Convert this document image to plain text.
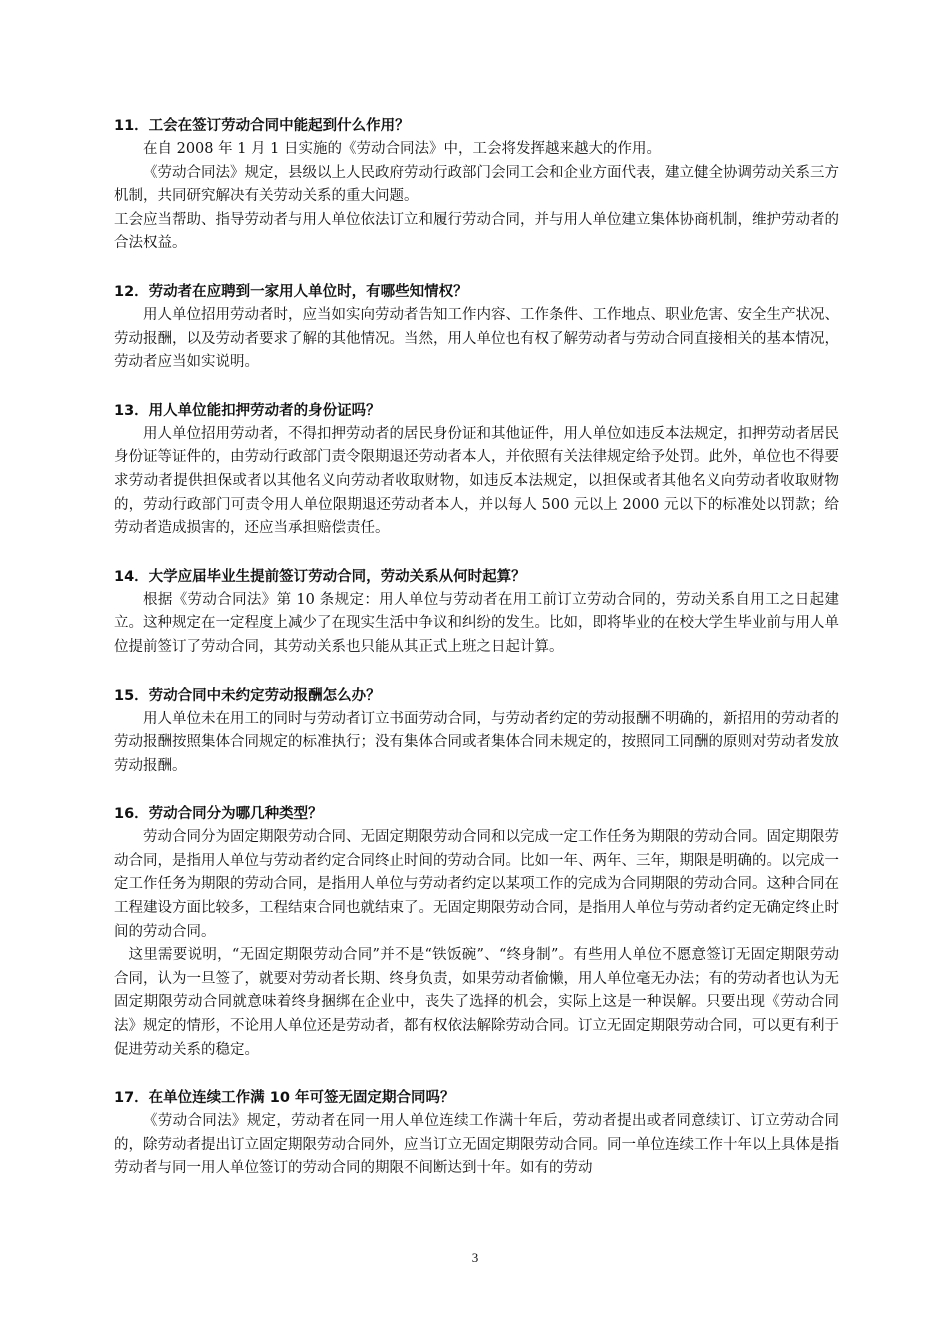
11．工会在签订劳动合同中能起到什么作用？

在自 2008 年 1 月 1 日实施的《劳动合同法》中，工会将发挥越来越大的作用。

《劳动合同法》规定，县级以上人民政府劳动行政部门会同工会和企业方面代表，建立健全协调劳动关系三方机制，共同研究解决有关劳动关系的重大问题。

工会应当帮助、指导劳动者与用人单位依法订立和履行劳动合同，并与用人单位建立集体协商机制，维护劳动者的合法权益。

12．劳动者在应聘到一家用人单位时，有哪些知情权？

用人单位招用劳动者时，应当如实向劳动者告知工作内容、工作条件、工作地点、职业危害、安全生产状况、劳动报酬，以及劳动者要求了解的其他情况。当然，用人单位也有权了解劳动者与劳动合同直接相关的基本情况，劳动者应当如实说明。

13．用人单位能扣押劳动者的身份证吗？

用人单位招用劳动者，不得扣押劳动者的居民身份证和其他证件，用人单位如违反本法规定，扣押劳动者居民身份证等证件的，由劳动行政部门责令限期退还劳动者本人，并依照有关法律规定给予处罚。此外，单位也不得要求劳动者提供担保或者以其他名义向劳动者收取财物，如违反本法规定，以担保或者其他名义向劳动者收取财物的，劳动行政部门可责令用人单位限期退还劳动者本人，并以每人 500 元以上 2000 元以下的标准处以罚款；给劳动者造成损害的，还应当承担赔偿责任。

14．大学应届毕业生提前签订劳动合同，劳动关系从何时起算？

根据《劳动合同法》第 10 条规定：用人单位与劳动者在用工前订立劳动合同的，劳动关系自用工之日起建立。这种规定在一定程度上减少了在现实生活中争议和纠纷的发生。比如，即将毕业的在校大学生毕业前与用人单位提前签订了劳动合同，其劳动关系也只能从其正式上班之日起计算。

15．劳动合同中未约定劳动报酬怎么办？

用人单位未在用工的同时与劳动者订立书面劳动合同，与劳动者约定的劳动报酬不明确的，新招用的劳动者的劳动报酬按照集体合同规定的标准执行；没有集体合同或者集体合同未规定的，按照同工同酬的原则对劳动者发放劳动报酬。

16．劳动合同分为哪几种类型？

劳动合同分为固定期限劳动合同、无固定期限劳动合同和以完成一定工作任务为期限的劳动合同。固定期限劳动合同，是指用人单位与劳动者约定合同终止时间的劳动合同。比如一年、两年、三年，期限是明确的。以完成一定工作任务为期限的劳动合同，是指用人单位与劳动者约定以某项工作的完成为合同期限的劳动合同。这种合同在工程建设方面比较多，工程结束合同也就结束了。无固定期限劳动合同，是指用人单位与劳动者约定无确定终止时间的劳动合同。

这里需要说明，“无固定期限劳动合同”并不是“铁饭碗”、“终身制”。有些用人单位不愿意签订无固定期限劳动合同，认为一旦签了，就要对劳动者长期、终身负责，如果劳动者偷懒，用人单位毫无办法；有的劳动者也认为无固定期限劳动合同就意味着终身捆绑在企业中，丧失了选择的机会，实际上这是一种误解。只要出现《劳动合同法》规定的情形，不论用人单位还是劳动者，都有权依法解除劳动合同。订立无固定期限劳动合同，可以更有利于促进劳动关系的稳定。

17．在单位连续工作满 10 年可签无固定期合同吗？

《劳动合同法》规定，劳动者在同一用人单位连续工作满十年后，劳动者提出或者同意续订、订立劳动合同的，除劳动者提出订立固定期限劳动合同外，应当订立无固定期限劳动合同。同一单位连续工作十年以上具体是指劳动者与同一用人单位签订的劳动合同的期限不间断达到十年。如有的劳动

3
